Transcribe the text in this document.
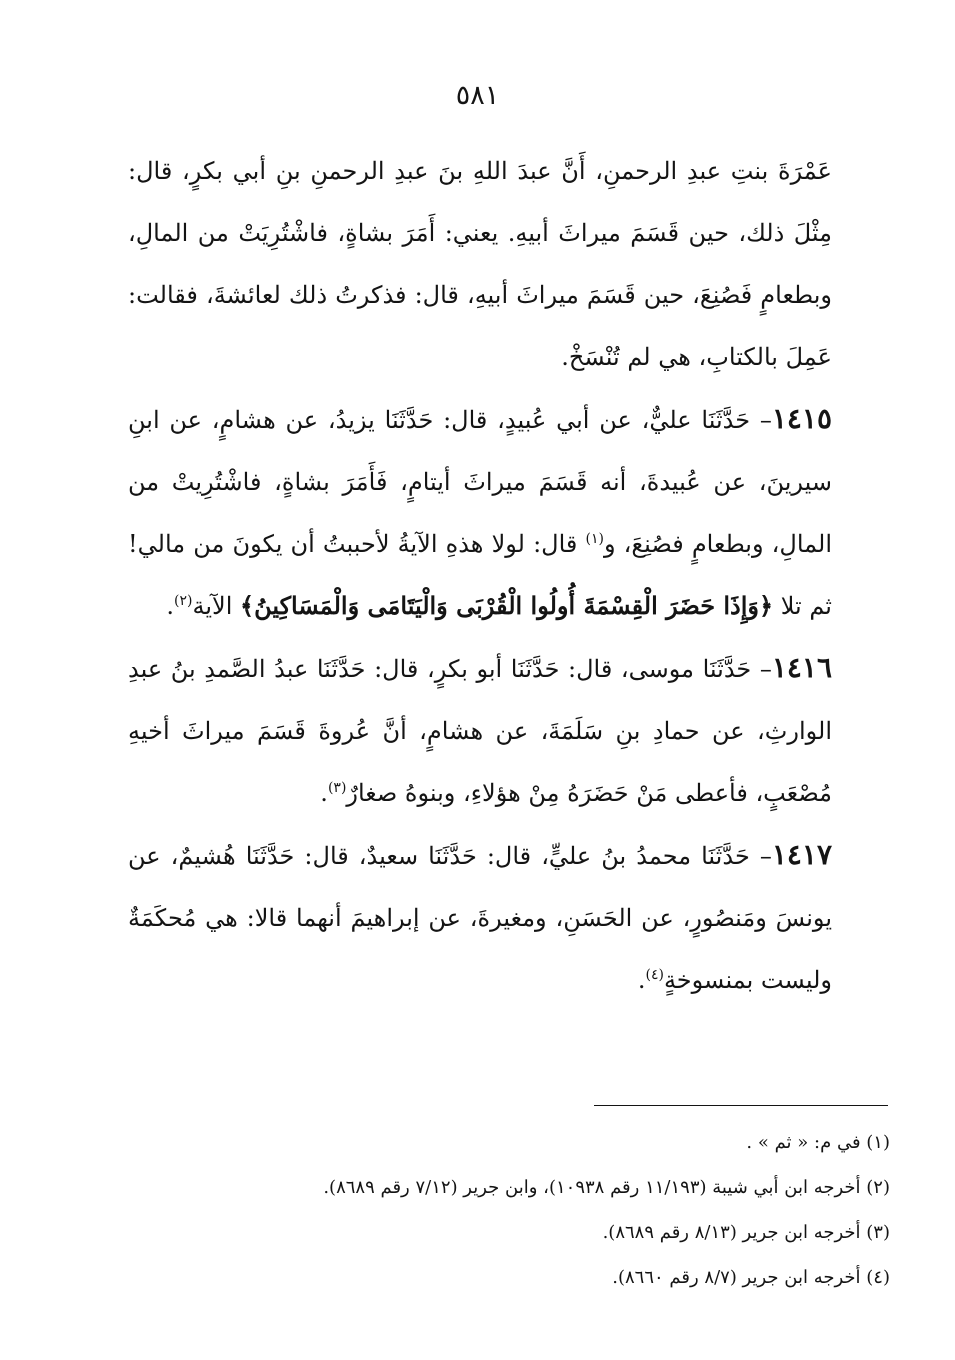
٥٨١

عَمْرَةَ بنتِ عبدِ الرحمنِ، أَنَّ عبدَ اللهِ بنَ عبدِ الرحمنِ بنِ أبي بكرٍ، قال: مِثْلَ ذلك، حين قَسَمَ ميراثَ أبيهِ. يعني: أَمَرَ بشاةٍ، فاشْتُرِيَتْ من المالِ، وبطعامٍ فَصُنِعَ، حين قَسَمَ ميراثَ أبيهِ، قال: فذكرتُ ذلك لعائشةَ، فقالت: عَمِلَ بالكتابِ، هي لم تُنْسَخْ.

١٤١٥– حَدَّثَنَا عليٌّ، عن أبي عُبيدٍ، قال: حَدَّثَنَا يزيدُ، عن هشامٍ، عن ابنِ سيرينَ، عن عُبيدةَ، أنه قَسَمَ ميراثَ أيتامٍ، فَأَمَرَ بشاةٍ، فاشْتُرِيتْ من المالِ، وبطعامٍ فصُنِعَ، و$^{(١)}$ قال: لولا هذهِ الآيةُ لأحببتُ أن يكونَ من مالي! ثم تلا ﴿وَإِذَا حَضَرَ الْقِسْمَةَ أُولُوا الْقُرْبَى وَالْيَتَامَى وَالْمَسَاكِينُ﴾ الآية$^{(٢)}$.

١٤١٦– حَدَّثَنَا موسى، قال: حَدَّثَنَا أبو بكرٍ، قال: حَدَّثَنَا عبدُ الصَّمدِ بنُ عبدِ الوارثِ، عن حمادِ بنِ سَلَمَةَ، عن هشامٍ، أنَّ عُروةَ قَسَمَ ميراثَ أخيهِ مُصْعَبٍ، فأعطى مَنْ حَضَرَهُ مِنْ هؤلاءِ، وبنوهُ صغارٌ$^{(٣)}$.

١٤١٧– حَدَّثَنَا محمدُ بنُ عليٍّ، قال: حَدَّثَنَا سعيدٌ، قال: حَدَّثَنَا هُشيمٌ، عن يونسَ ومَنصُورٍ، عن الحَسَنِ، ومغيرةَ، عن إبراهيمَ أنهما قالا: هي مُحكَمَةٌ وليست بمنسوخةٍ$^{(٤)}$.

(١) في م: « ثم » .

(٢) أخرجه ابن أبي شيبة (١١/١٩٣ رقم ١٠٩٣٨)، وابن جرير (٧/١٢ رقم ٨٦٨٩).

(٣) أخرجه ابن جرير (٨/١٣ رقم ٨٦٨٩).

(٤) أخرجه ابن جرير (٨/٧ رقم ٨٦٦٠).
